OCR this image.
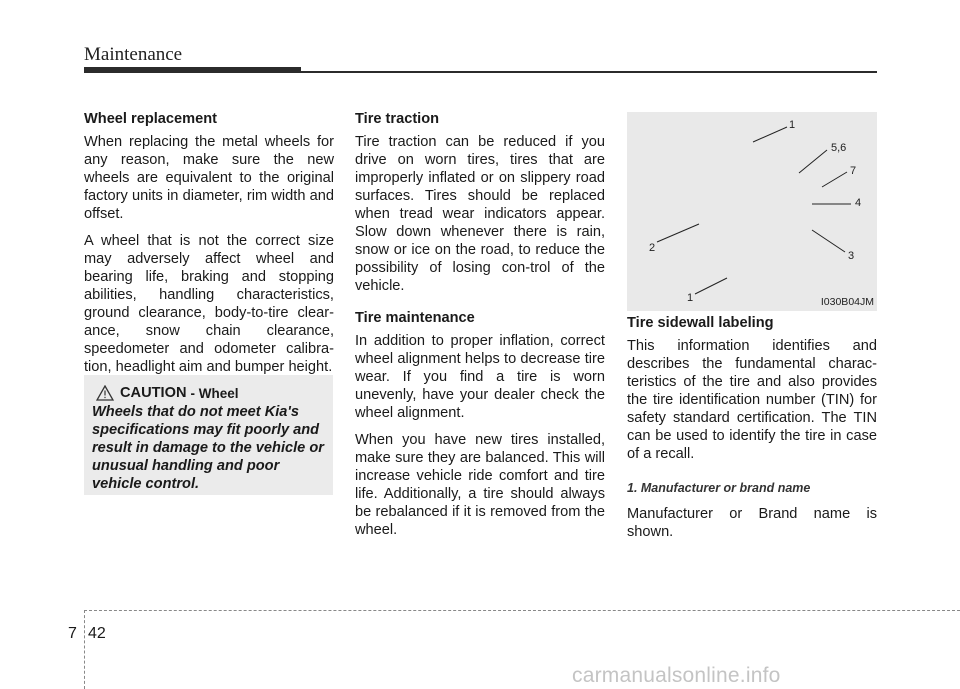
Maintenance
Wheel replacement

When replacing the metal wheels for any reason, make sure the new wheels are equivalent to the original factory units in diameter, rim width and offset.

A wheel that is not the correct size may adversely affect wheel and bearing life, braking and stopping abilities, handling characteristics, ground clearance, body-to-tire clear-ance, snow chain clearance, speedometer and odometer calibra-tion, headlight aim and bumper height.

CAUTION - Wheel
Wheels that do not meet Kia's specifications may fit poorly and result in damage to the vehicle or unusual handling and poor vehicle control.
Tire traction

Tire traction can be reduced if you drive on worn tires, tires that are improperly inflated or on slippery road surfaces. Tires should be replaced when tread wear indicators appear. Slow down whenever there is rain, snow or ice on the road, to reduce the possibility of losing con-trol of the vehicle.

Tire maintenance

In addition to proper inflation, correct wheel alignment helps to decrease tire wear. If you find a tire is worn unevenly, have your dealer check the wheel alignment.

When you have new tires installed, make sure they are balanced. This will increase vehicle ride comfort and tire life. Additionally, a tire should always be rebalanced if it is removed from the wheel.

1
5,6
7
4
2
3
1	I030B04JM
Tire sidewall labeling

This information identifies and describes the fundamental charac-teristics of the tire and also provides the tire identification number (TIN) for safety standard certification. The TIN can be used to identify the tire in case of a recall.

1. Manufacturer or brand name

Manufacturer or Brand name is shown.

7 42
carmanualsonline.info
